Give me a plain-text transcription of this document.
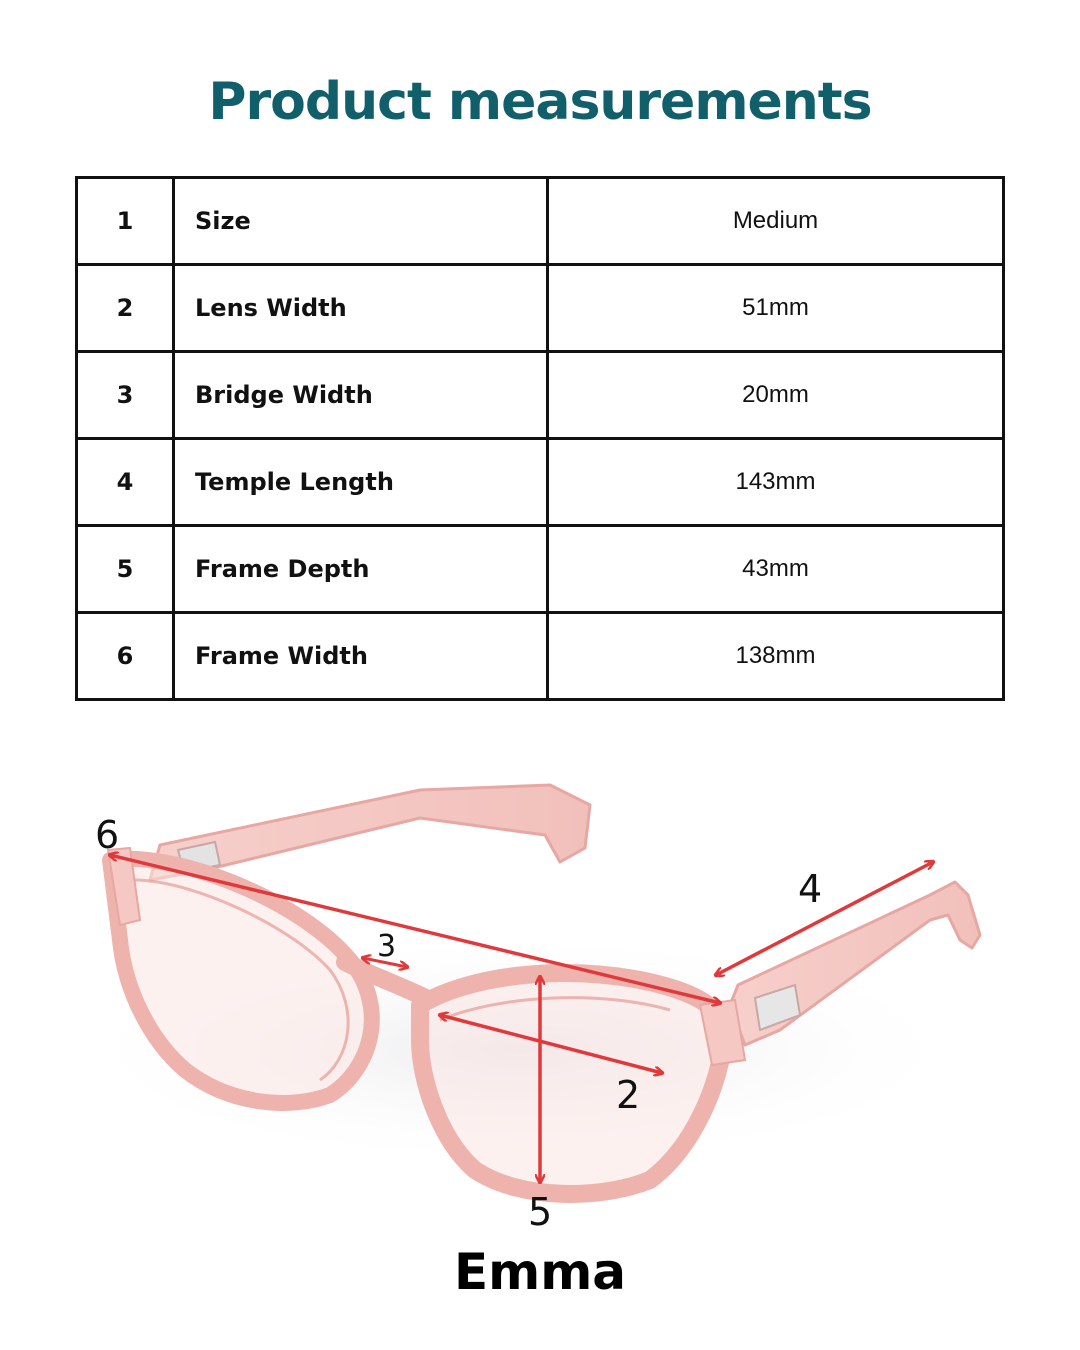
Product measurements
1	Size	Medium
2	Lens Width	51mm
3	Bridge Width	20mm
4	Temple Length	143mm
5	Frame Depth	43mm
6	Frame Width	138mm
6
4
3
2
5
Emma
